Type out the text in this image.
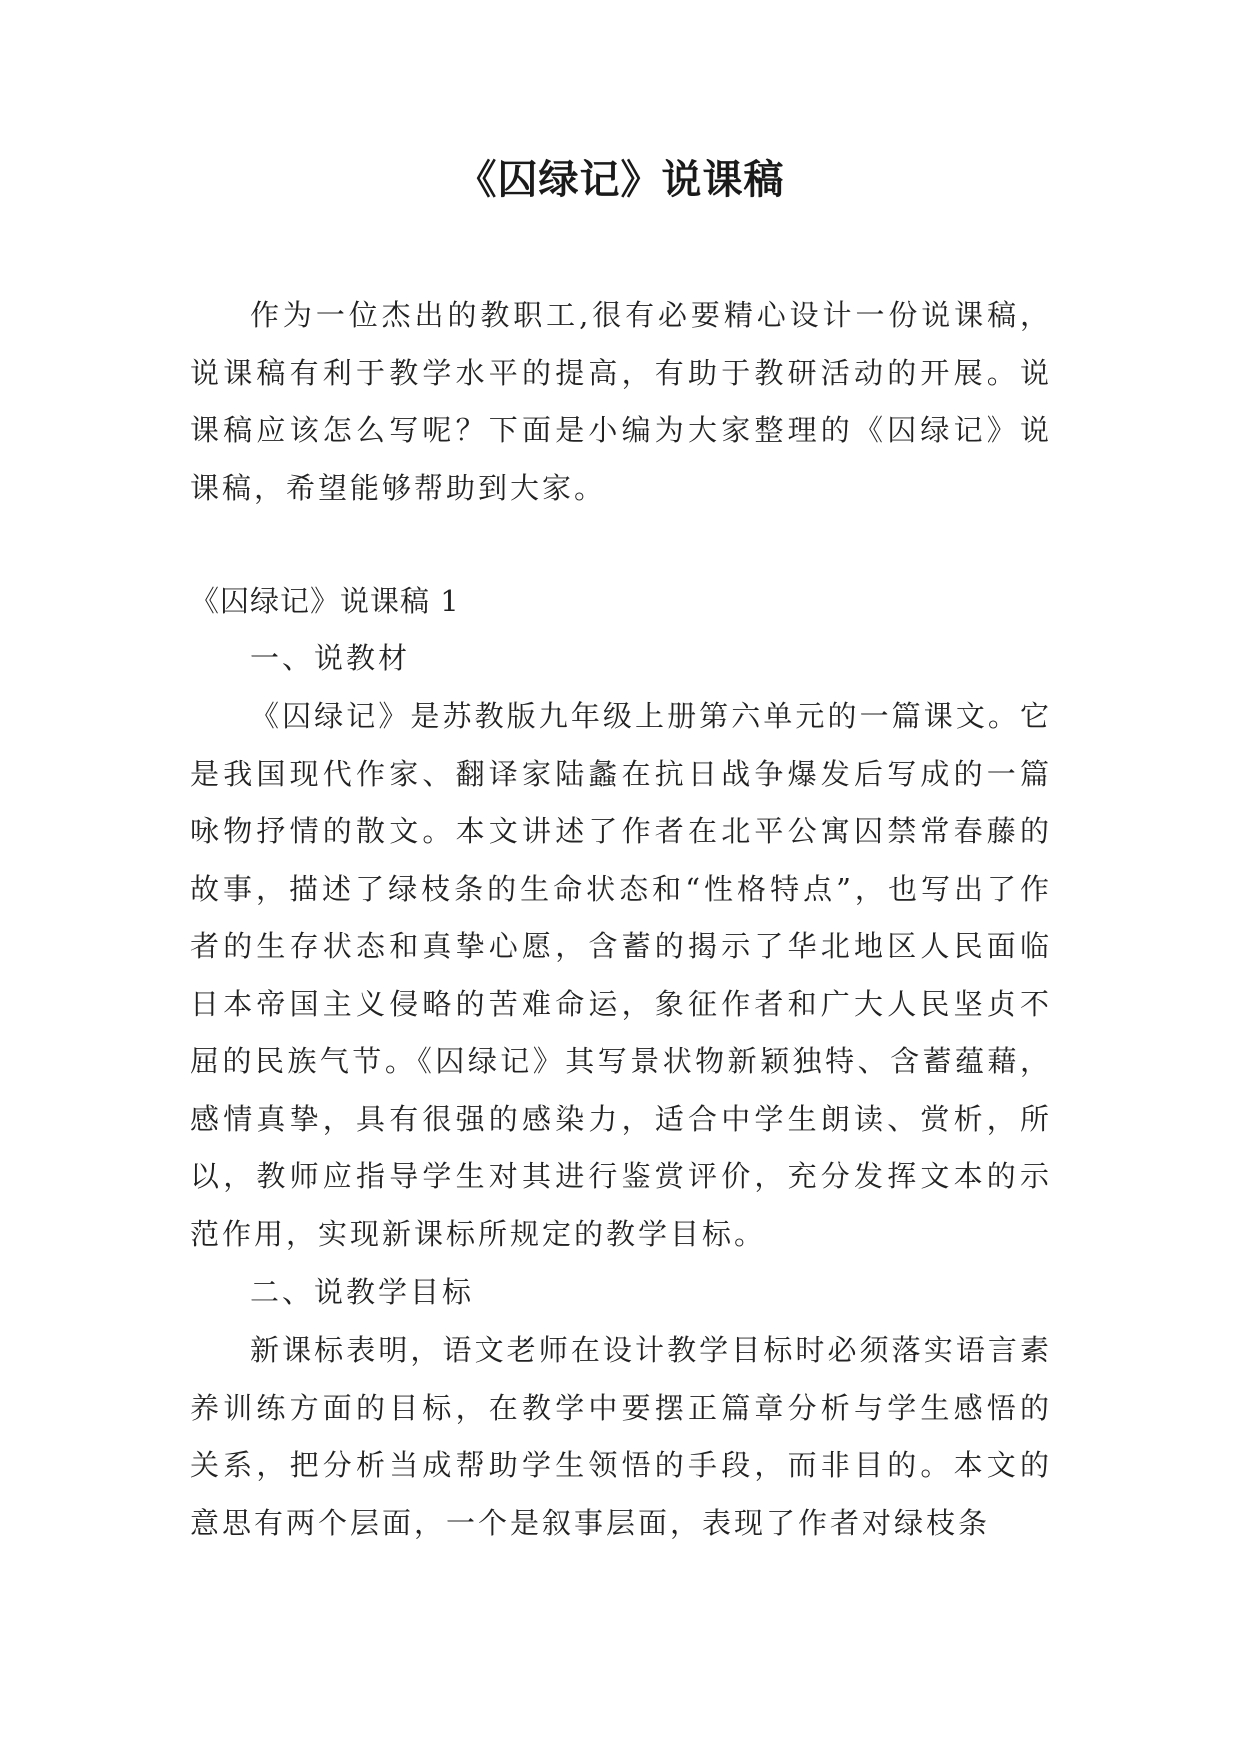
《囚绿记》说课稿

作为一位杰出的教职工,很有必要精心设计一份说课稿，说课稿有利于教学水平的提高，有助于教研活动的开展。说课稿应该怎么写呢？下面是小编为大家整理的《囚绿记》说课稿，希望能够帮助到大家。

《囚绿记》说课稿 1

一、说教材

《囚绿记》是苏教版九年级上册第六单元的一篇课文。它是我国现代作家、翻译家陆蠡在抗日战争爆发后写成的一篇咏物抒情的散文。本文讲述了作者在北平公寓囚禁常春藤的故事，描述了绿枝条的生命状态和“性格特点”，也写出了作者的生存状态和真挚心愿，含蓄的揭示了华北地区人民面临日本帝国主义侵略的苦难命运，象征作者和广大人民坚贞不屈的民族气节。《囚绿记》其写景状物新颖独特、含蓄蕴藉，感情真挚，具有很强的感染力，适合中学生朗读、赏析，所以，教师应指导学生对其进行鉴赏评价，充分发挥文本的示范作用，实现新课标所规定的教学目标。

二、说教学目标

新课标表明，语文老师在设计教学目标时必须落实语言素养训练方面的目标，在教学中要摆正篇章分析与学生感悟的关系，把分析当成帮助学生领悟的手段，而非目的。本文的意思有两个层面，一个是叙事层面，表现了作者对绿枝条
